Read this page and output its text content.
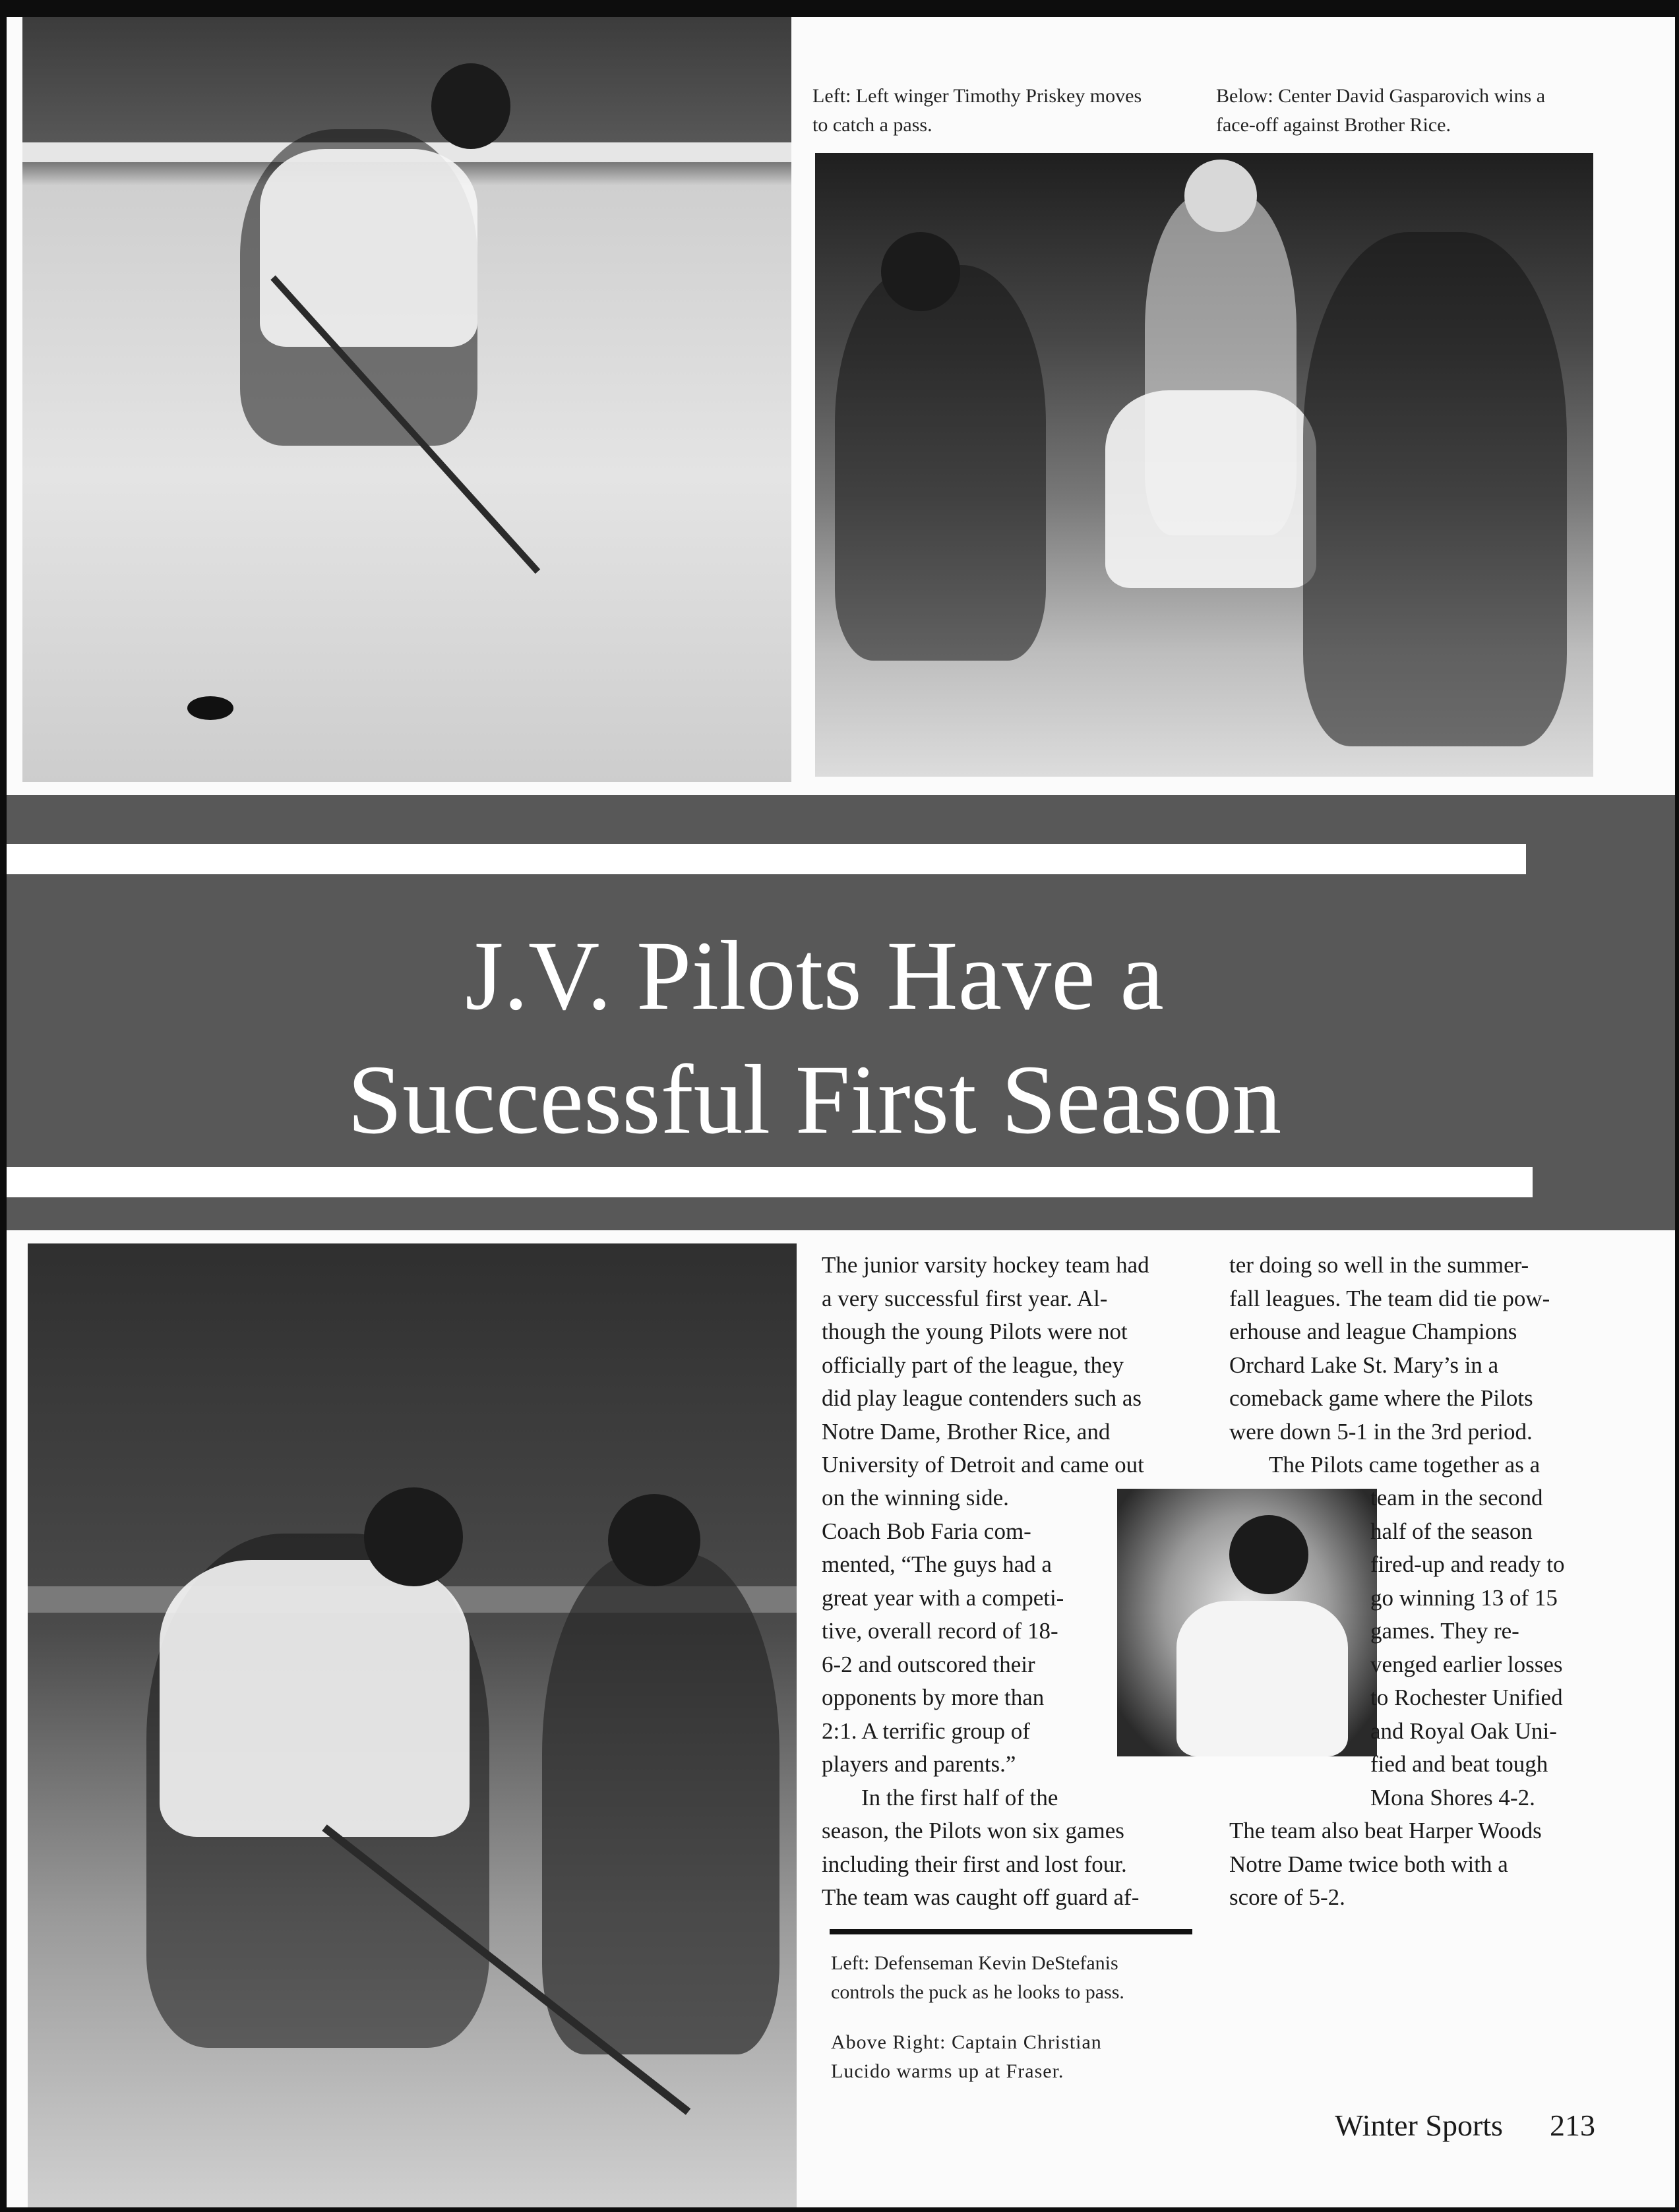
Left: Left winger Timothy Priskey moves
to catch a pass.
Below: Center David Gasparovich wins a
face-off against Brother Rice.
J.V. Pilots Have a
Successful First Season

The junior varsity hockey team had

a very successful first year. Al-

though the young Pilots were not

officially part of the league, they

did play league contenders such as

Notre Dame, Brother Rice, and

University of Detroit and came out

on the winning side.

Coach Bob Faria com-

mented, “The guys had a

great year with a competi-

tive, overall record of 18-

6-2 and outscored their

opponents by more than

2:1. A terrific group of

players and parents.”

In the first half of the

season, the Pilots won six games

including their first and lost four.

The team was caught off guard af-

ter doing so well in the summer-

fall leagues. The team did tie pow-

erhouse and league Champions

Orchard Lake St. Mary’s in a

comeback game where the Pilots

were down 5-1 in the 3rd period.

The Pilots came together as a

team in the second

half of the season

fired-up and ready to

go winning 13 of 15

games. They re-

venged earlier losses

to Rochester Unified

and Royal Oak Uni-

fied and beat tough

Mona Shores 4-2.

The team also beat Harper Woods

Notre Dame twice both with a

score of 5-2.

Left: Defenseman Kevin DeStefanis
controls the puck as he looks to pass.
Above Right: Captain Christian
Lucido warms up at Fraser.
Winter Sports 213
